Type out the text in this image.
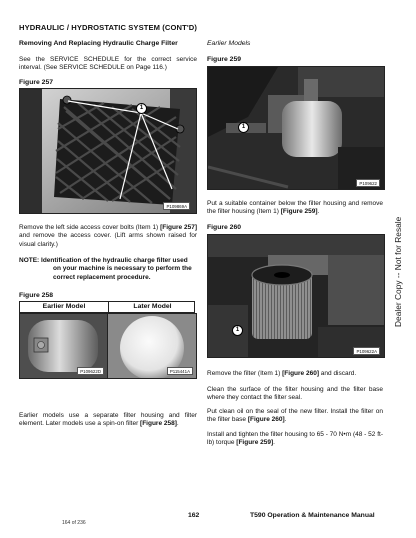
HYDRAULIC / HYDROSTATIC SYSTEM (CONT'D)
Removing And Replacing Hydraulic Charge Filter
See the SERVICE SCHEDULE for the correct service interval. (See SERVICE SCHEDULE on Page 116.)
Figure 257
1
P109869A
Remove the left side access cover bolts (Item 1) [Figure 257] and remove the access cover. (Lift arms shown raised for visual clarity.)
NOTE: Identification of the hydraulic charge filter used on your machine is necessary to perform the correct replacement procedure.
Figure 258
Earlier Model	Later Model
P109622D	P115441A
Earlier models use a separate filter housing and filter element. Later models use a spin-on filter [Figure 258].
Earlier Models
Figure 259
1
P109622
Put a suitable container below the filter housing and remove the filter housing (Item 1) [Figure 259].
Figure 260
1
P109622A
Remove the filter (Item 1) [Figure 260] and discard.
Clean the surface of the filter housing and the filter base where they contact the filter seal.
Put clean oil on the seal of the new filter. Install the filter on the filter base [Figure 260].
Install and tighten the filter housing to 65 - 70 N•m (48 - 52 ft-lb) torque [Figure 259].
Dealer Copy -- Not for Resale
162	T590 Operation & Maintenance Manual
164 of 236
